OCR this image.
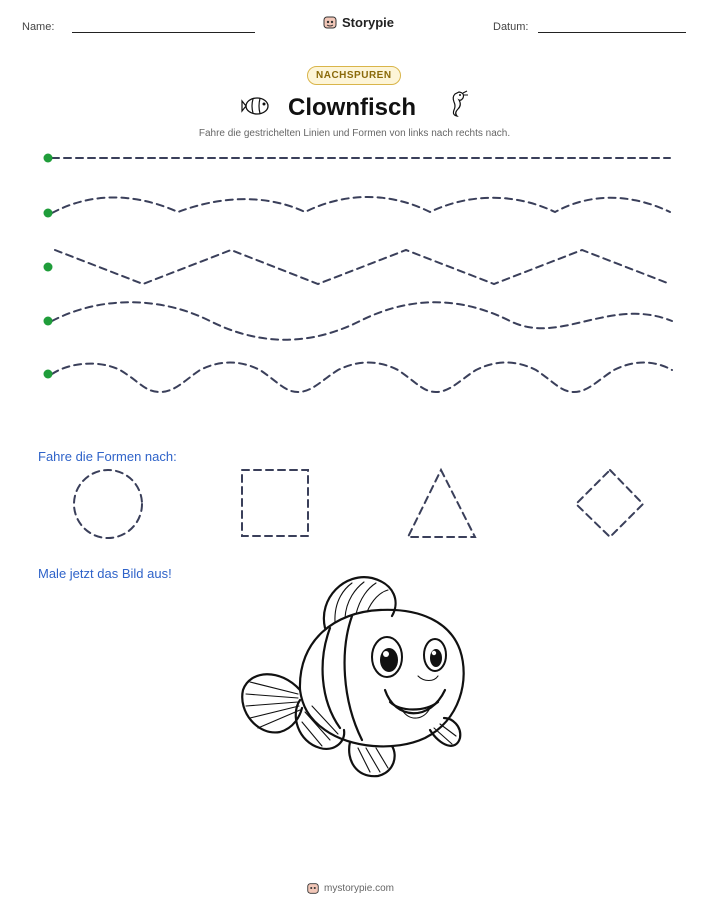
Name:	Storypie	Datum:
NACHSPUREN
Clownfisch
Fahre die gestrichelten Linien und Formen von links nach rechts nach.
Fahre die Formen nach:
Male jetzt das Bild aus!
mystorypie.com
